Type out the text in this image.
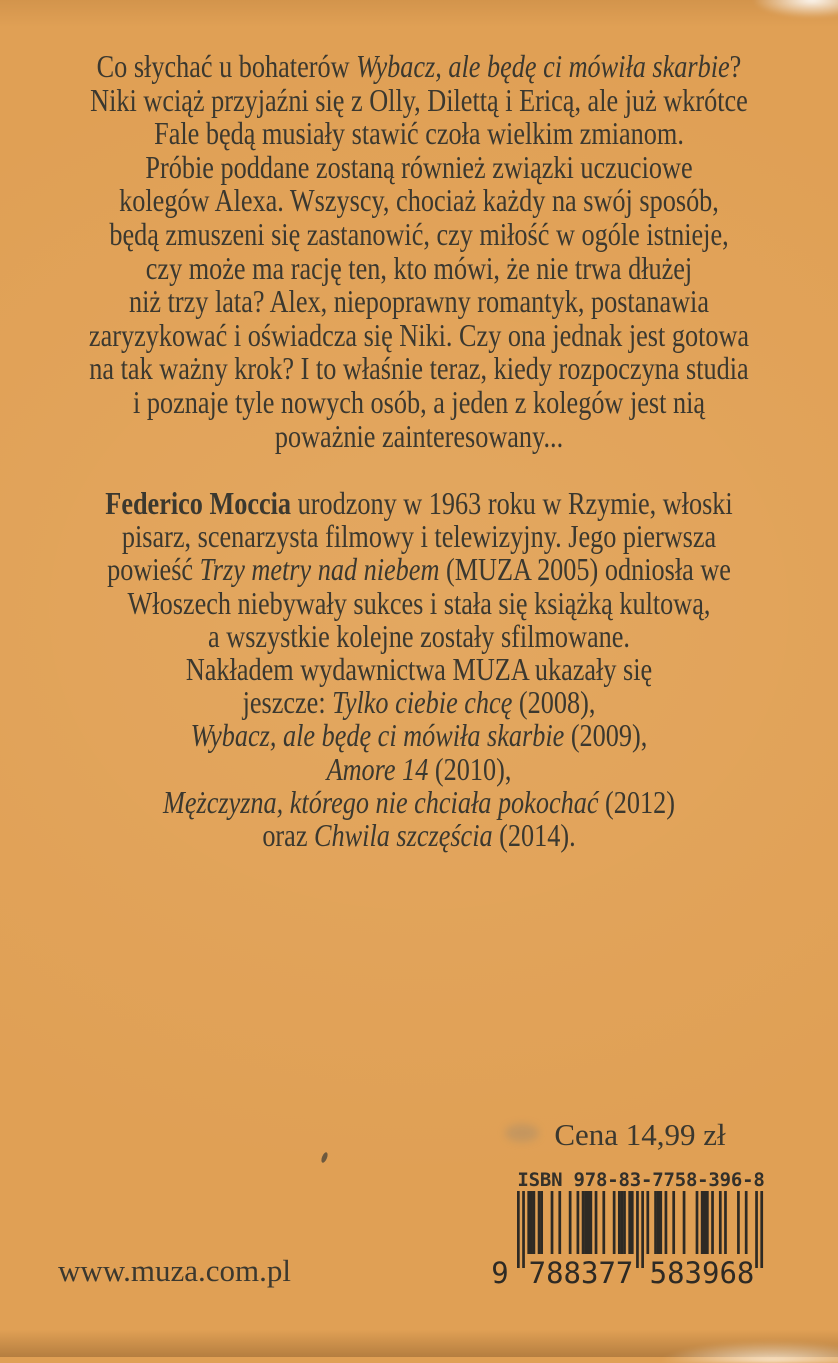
Co słychać u bohaterów Wybacz, ale będę ci mówiła skarbie?
Niki wciąż przyjaźni się z Olly, Dilettą i Ericą, ale już wkrótce
Fale będą musiały stawić czoła wielkim zmianom.
Próbie poddane zostaną również związki uczuciowe
kolegów Alexa. Wszyscy, chociaż każdy na swój sposób,
będą zmuszeni się zastanowić, czy miłość w ogóle istnieje,
czy może ma rację ten, kto mówi, że nie trwa dłużej
niż trzy lata? Alex, niepoprawny romantyk, postanawia
zaryzykować i oświadcza się Niki. Czy ona jednak jest gotowa
na tak ważny krok? I to właśnie teraz, kiedy rozpoczyna studia
i poznaje tyle nowych osób, a jeden z kolegów jest nią
poważnie zainteresowany...
Federico Moccia urodzony w 1963 roku w Rzymie, włoski
pisarz, scenarzysta filmowy i telewizyjny. Jego pierwsza
powieść Trzy metry nad niebem (MUZA 2005) odniosła we
Włoszech niebywały sukces i stała się książką kultową,
a wszystkie kolejne zostały sfilmowane.
Nakładem wydawnictwa MUZA ukazały się
jeszcze: Tylko ciebie chcę (2008),
Wybacz, ale będę ci mówiła skarbie (2009),
Amore 14 (2010),
Mężczyzna, którego nie chciała pokochać (2012)
oraz Chwila szczęścia (2014).
Cena 14,99 zł
ISBN 978-83-7758-396-8
9 788377 583968
www.muza.com.pl
